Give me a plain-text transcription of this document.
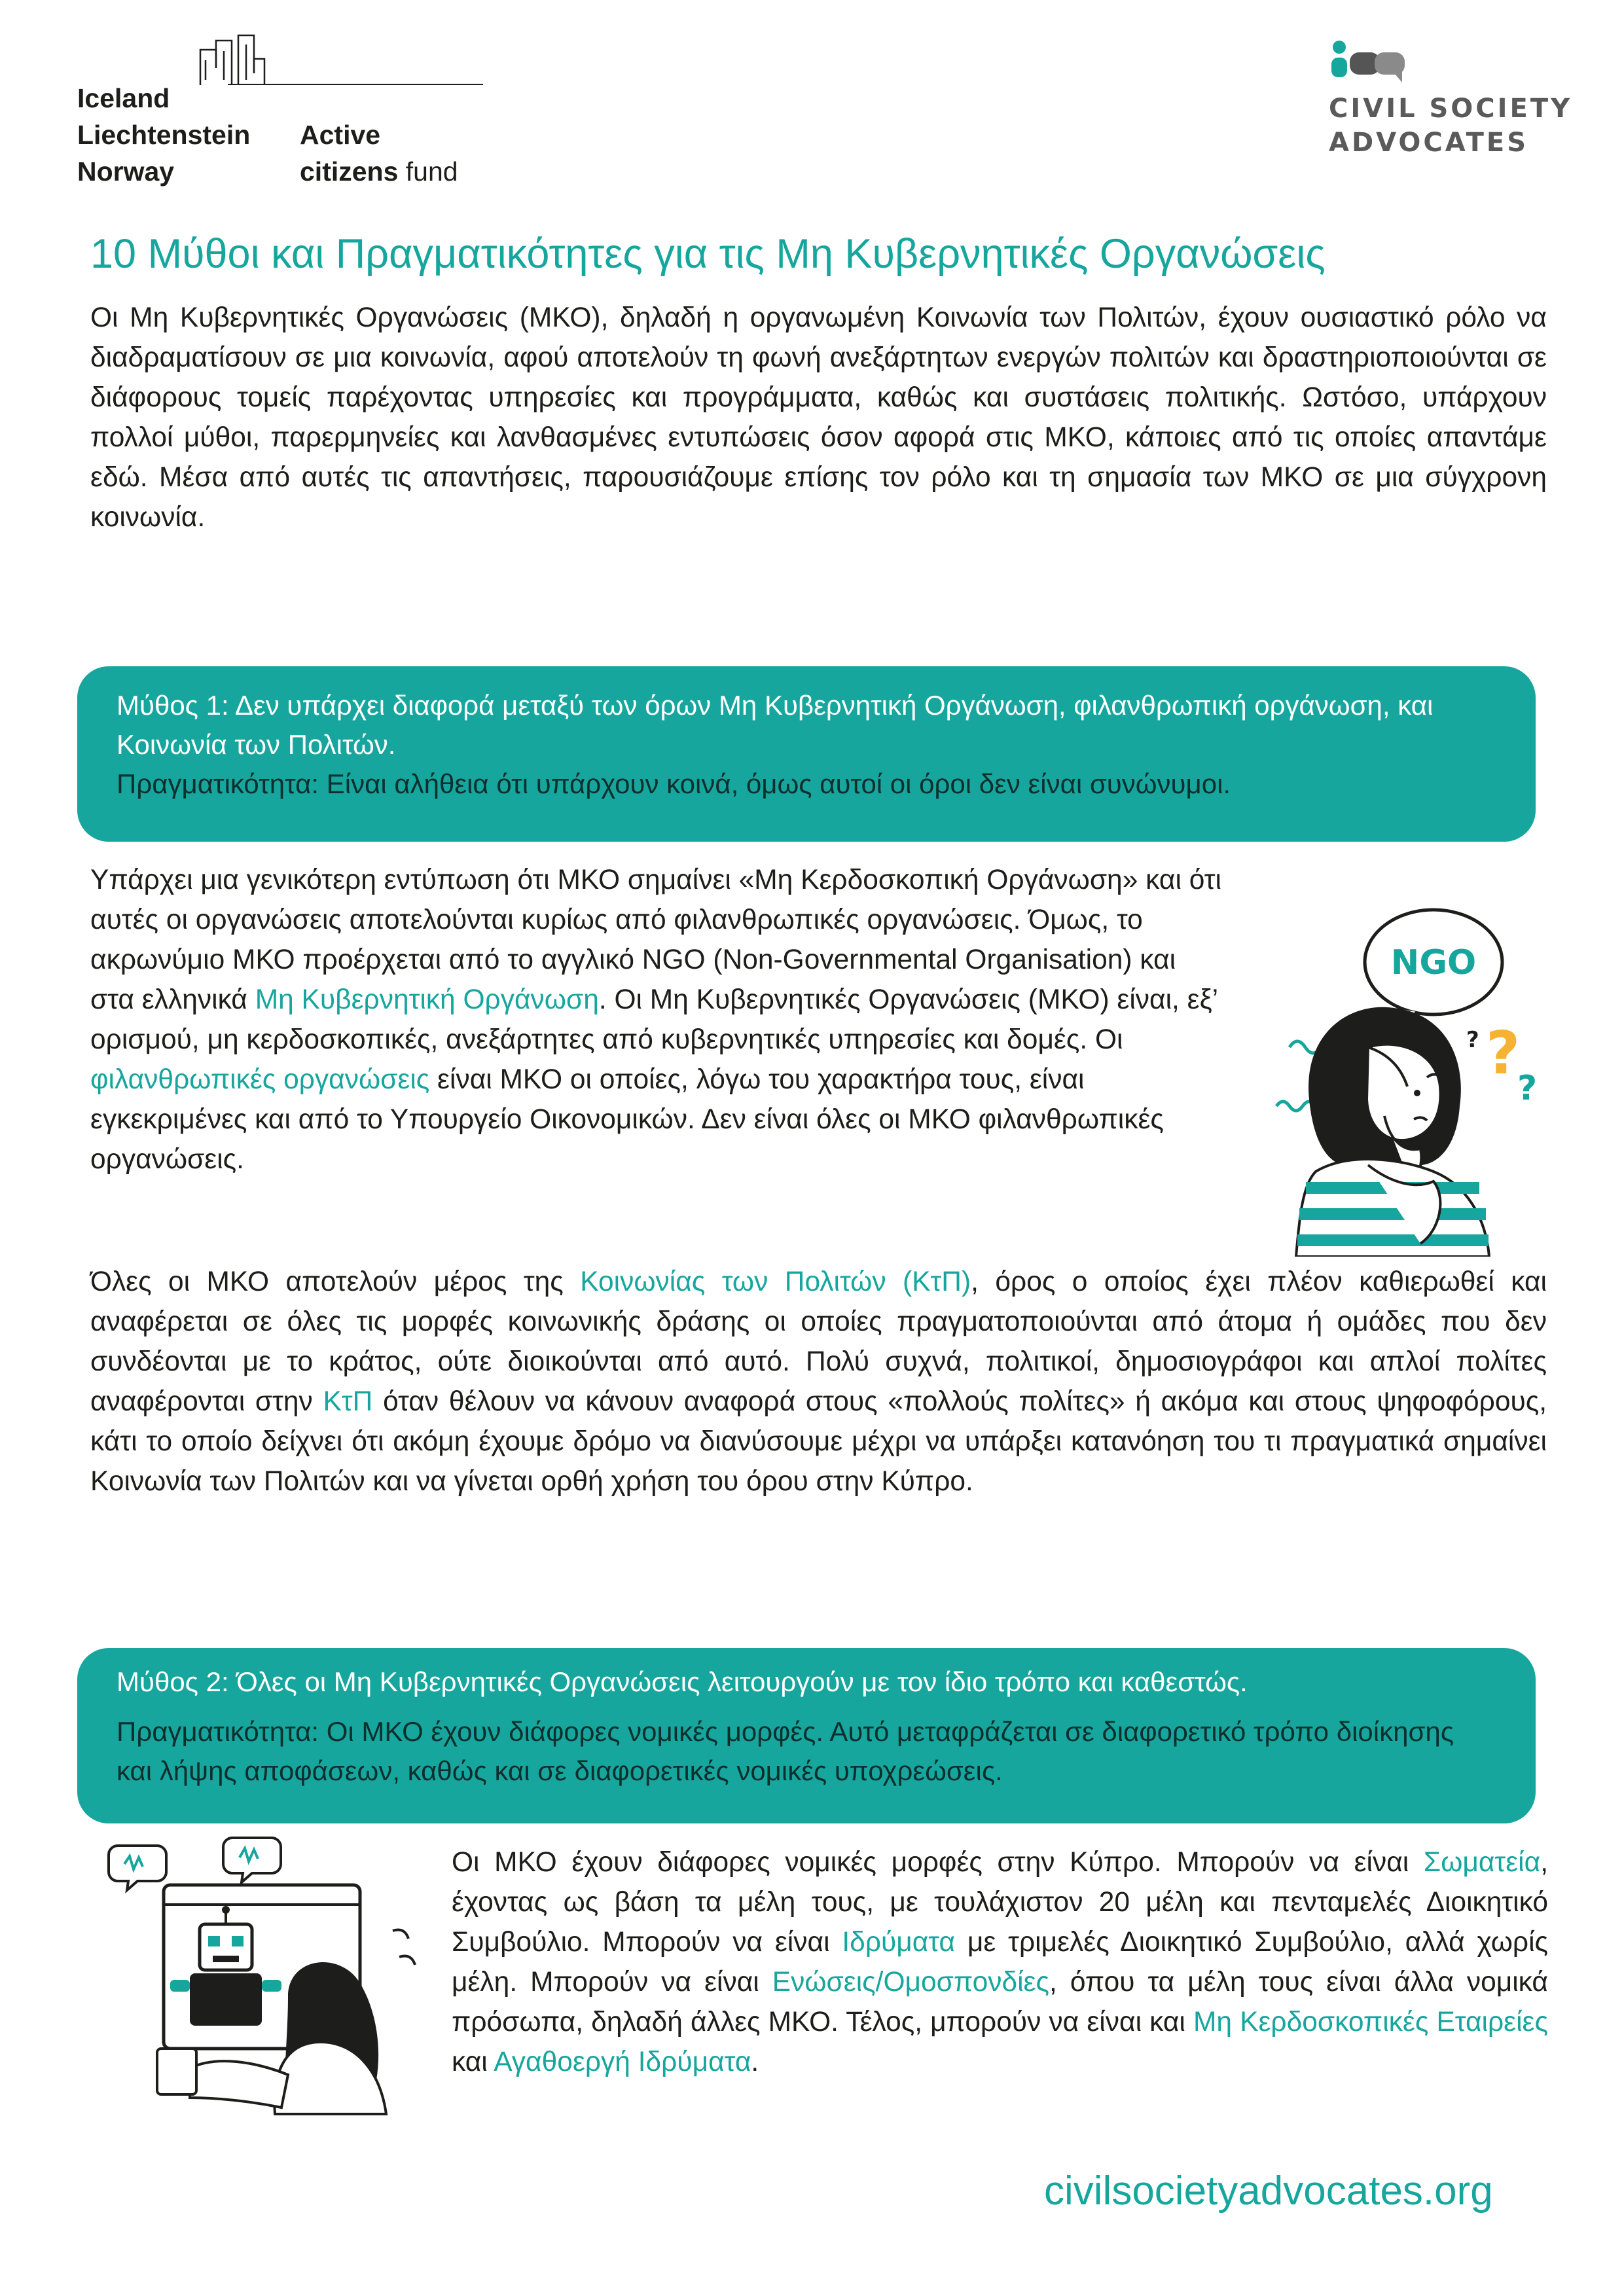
Iceland
Liechtenstein
Norway
Active
citizens fund
CIVIL SOCIETY
ADVOCATES
10 Μύθοι και Πραγματικότητες για τις Μη Κυβερνητικές Οργανώσεις

Οι Μη Κυβερνητικές Οργανώσεις (ΜΚΟ), δηλαδή η οργανωμένη Κοινωνία των Πολιτών, έχουν ουσιαστικό ρόλο να διαδραματίσουν σε μια κοινωνία, αφού αποτελούν τη φωνή ανεξάρτητων ενεργών πολιτών και δραστηριοποιούνται σε διάφορους τομείς παρέχοντας υπηρεσίες και προγράμματα, καθώς και συστάσεις πολιτικής. Ωστόσο, υπάρχουν πολλοί μύθοι, παρερμηνείες και λανθασμένες εντυπώσεις όσον αφορά στις ΜΚΟ, κάποιες από τις οποίες απαντάμε εδώ. Μέσα από αυτές τις απαντήσεις, παρουσιάζουμε επίσης τον ρόλο και τη σημασία των ΜΚΟ σε μια σύγχρονη κοινωνία.

Μύθος 1: Δεν υπάρχει διαφορά μεταξύ των όρων Μη Κυβερνητική Οργάνωση, φιλανθρωπική οργάνωση, και Κοινωνία των Πολιτών.

Πραγματικότητα: Είναι αλήθεια ότι υπάρχουν κοινά, όμως αυτοί οι όροι δεν είναι συνώνυμοι.

Υπάρχει μια γενικότερη εντύπωση ότι ΜΚΟ σημαίνει «Μη Κερδοσκοπική Οργάνωση» και ότι αυτές οι οργανώσεις αποτελούνται κυρίως από φιλανθρωπικές οργανώσεις. Όμως, το ακρωνύμιο ΜΚΟ προέρχεται από το αγγλικό NGO (Non-Governmental Organisation) και στα ελληνικά Μη Κυβερνητική Οργάνωση. Οι Μη Κυβερνητικές Οργανώσεις (ΜΚΟ) είναι, εξ’ ορισμού, μη κερδοσκοπικές, ανεξάρτητες από κυβερνητικές υπηρεσίες και δομές. Οι φιλανθρωπικές οργανώσεις είναι ΜΚΟ οι οποίες, λόγω του χαρακτήρα τους, είναι εγκεκριμένες και από το Υπουργείο Οικονομικών. Δεν είναι όλες οι ΜΚΟ φιλανθρωπικές οργανώσεις.

NGO
?
?
?

Όλες οι ΜΚΟ αποτελούν μέρος της Κοινωνίας των Πολιτών (ΚτΠ), όρος ο οποίος έχει πλέον καθιερωθεί και αναφέρεται σε όλες τις μορφές κοινωνικής δράσης οι οποίες πραγματοποιούνται από άτομα ή ομάδες που δεν συνδέονται με το κράτος, ούτε διοικούνται από αυτό. Πολύ συχνά, πολιτικοί, δημοσιογράφοι και απλοί πολίτες αναφέρονται στην ΚτΠ όταν θέλουν να κάνουν αναφορά στους «πολλούς πολίτες» ή ακόμα και στους ψηφοφόρους, κάτι το οποίο δείχνει ότι ακόμη έχουμε δρόμο να διανύσουμε μέχρι να υπάρξει κατανόηση του τι πραγματικά σημαίνει Κοινωνία των Πολιτών και να γίνεται ορθή χρήση του όρου στην Κύπρο.

Μύθος 2: Όλες οι Μη Κυβερνητικές Οργανώσεις λειτουργούν με τον ίδιο τρόπο και καθεστώς.

Πραγματικότητα: Οι ΜΚΟ έχουν διάφορες νομικές μορφές. Αυτό μεταφράζεται σε διαφορετικό τρόπο διοίκησης και λήψης αποφάσεων, καθώς και σε διαφορετικές νομικές υποχρεώσεις.

Οι ΜΚΟ έχουν διάφορες νομικές μορφές στην Κύπρο. Μπορούν να είναι Σωματεία, έχοντας ως βάση τα μέλη τους, με τουλάχιστον 20 μέλη και πενταμελές Διοικητικό Συμβούλιο. Μπορούν να είναι Ιδρύματα με τριμελές Διοικητικό Συμβούλιο, αλλά χωρίς μέλη. Μπορούν να είναι Ενώσεις/Ομοσπονδίες, όπου τα μέλη τους είναι άλλα νομικά πρόσωπα, δηλαδή άλλες ΜΚΟ. Τέλος, μπορούν να είναι και Μη Κερδοσκοπικές Εταιρείες και Αγαθοεργή Ιδρύματα.

civilsocietyadvocates.org
